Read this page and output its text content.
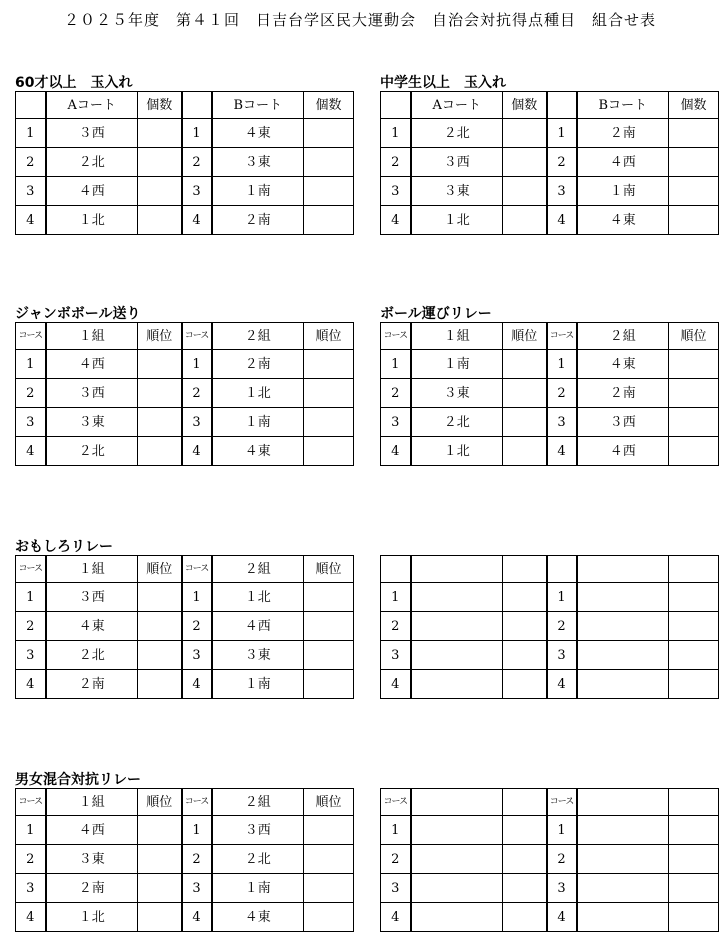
２０２５年度　第４１回　日吉台学区民大運動会　自治会対抗得点種目　組合せ表
60才以上　玉入れ
	Aコート	個数		Bコート	個数
1	３西		1	４東	
2	２北		2	３東	
3	４西		3	１南	
4	１北		4	２南	
中学生以上　玉入れ
	Aコート	個数		Bコート	個数
1	２北		1	２南	
2	３西		2	４西	
3	３東		3	１南	
4	１北		4	４東	
ジャンボボール送り
コース	１組	順位	コース	２組	順位
1	４西		1	２南	
2	３西		2	１北	
3	３東		3	１南	
4	２北		4	４東	
ボール運びリレー
コース	１組	順位	コース	２組	順位
1	１南		1	４東	
2	３東		2	２南	
3	２北		3	３西	
4	１北		4	４西	
おもしろリレー
コース	１組	順位	コース	２組	順位
1	３西		1	１北	
2	４東		2	４西	
3	２北		3	３東	
4	２南		4	１南	

1			1		
2			2		
3			3		
4			4		
男女混合対抗リレー
コース	１組	順位	コース	２組	順位
1	４西		1	３西	
2	３東		2	２北	
3	２南		3	１南	
4	１北		4	４東	
コース			コース		
1			1		
2			2		
3			3		
4			4		
